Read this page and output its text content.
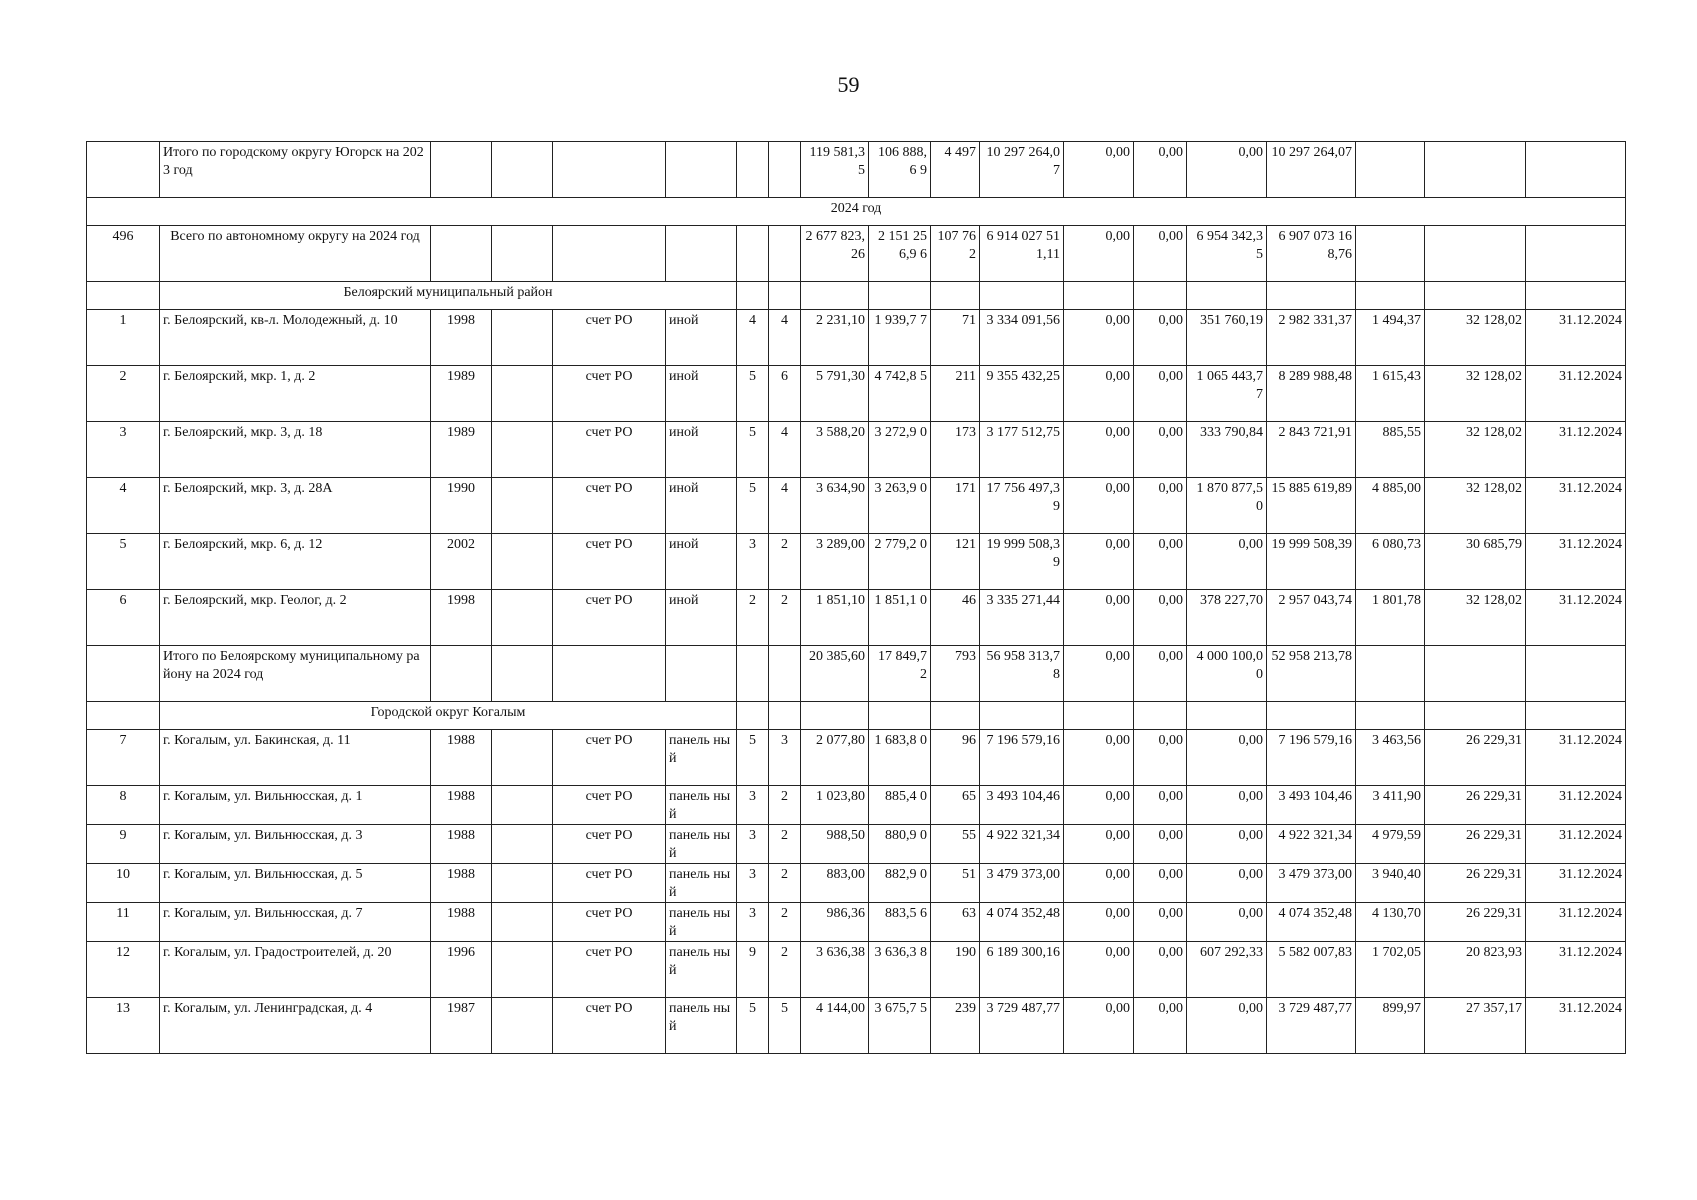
59
	Итого по городскому округу Югорск на 2023 год							119 581,35	106 888,6 9	4 497	10 297 264,07	0,00	0,00	0,00	10 297 264,07			
2024 год																		
496	Всего по автономному округу на 2024 год							2 677 823,26	2 151 256,9 6	107 762	6 914 027 511,11	0,00	0,00	6 954 342,35	6 907 073 168,76			
	Белоярский муниципальный район																	
1	г. Белоярский, кв-л. Молодежный, д. 10	1998		счет РО	иной	4	4	2 231,10	1 939,7 7	71	3 334 091,56	0,00	0,00	351 760,19	2 982 331,37	1 494,37	32 128,02	31.12.2024
2	г. Белоярский, мкр. 1, д. 2	1989		счет РО	иной	5	6	5 791,30	4 742,8 5	211	9 355 432,25	0,00	0,00	1 065 443,77	8 289 988,48	1 615,43	32 128,02	31.12.2024
3	г. Белоярский, мкр. 3, д. 18	1989		счет РО	иной	5	4	3 588,20	3 272,9 0	173	3 177 512,75	0,00	0,00	333 790,84	2 843 721,91	885,55	32 128,02	31.12.2024
4	г. Белоярский, мкр. 3, д. 28А	1990		счет РО	иной	5	4	3 634,90	3 263,9 0	171	17 756 497,39	0,00	0,00	1 870 877,50	15 885 619,89	4 885,00	32 128,02	31.12.2024
5	г. Белоярский, мкр. 6, д. 12	2002		счет РО	иной	3	2	3 289,00	2 779,2 0	121	19 999 508,39	0,00	0,00	0,00	19 999 508,39	6 080,73	30 685,79	31.12.2024
6	г. Белоярский, мкр. Геолог, д. 2	1998		счет РО	иной	2	2	1 851,10	1 851,1 0	46	3 335 271,44	0,00	0,00	378 227,70	2 957 043,74	1 801,78	32 128,02	31.12.2024
	Итого по Белоярскому муниципальному району на 2024 год							20 385,60	17 849,7 2	793	56 958 313,78	0,00	0,00	4 000 100,00	52 958 213,78			
	Городской округ Когалым																	
7	г. Когалым, ул. Бакинская, д. 11	1988		счет РО	панель ный	5	3	2 077,80	1 683,8 0	96	7 196 579,16	0,00	0,00	0,00	7 196 579,16	3 463,56	26 229,31	31.12.2024
8	г. Когалым, ул. Вильнюсская, д. 1	1988		счет РО	панель ный	3	2	1 023,80	885,4 0	65	3 493 104,46	0,00	0,00	0,00	3 493 104,46	3 411,90	26 229,31	31.12.2024
9	г. Когалым, ул. Вильнюсская, д. 3	1988		счет РО	панель ный	3	2	988,50	880,9 0	55	4 922 321,34	0,00	0,00	0,00	4 922 321,34	4 979,59	26 229,31	31.12.2024
10	г. Когалым, ул. Вильнюсская, д. 5	1988		счет РО	панель ный	3	2	883,00	882,9 0	51	3 479 373,00	0,00	0,00	0,00	3 479 373,00	3 940,40	26 229,31	31.12.2024
11	г. Когалым, ул. Вильнюсская, д. 7	1988		счет РО	панель ный	3	2	986,36	883,5 6	63	4 074 352,48	0,00	0,00	0,00	4 074 352,48	4 130,70	26 229,31	31.12.2024
12	г. Когалым, ул. Градостроителей, д. 20	1996		счет РО	панель ный	9	2	3 636,38	3 636,3 8	190	6 189 300,16	0,00	0,00	607 292,33	5 582 007,83	1 702,05	20 823,93	31.12.2024
13	г. Когалым, ул. Ленинградская, д. 4	1987		счет РО	панель ный	5	5	4 144,00	3 675,7 5	239	3 729 487,77	0,00	0,00	0,00	3 729 487,77	899,97	27 357,17	31.12.2024
